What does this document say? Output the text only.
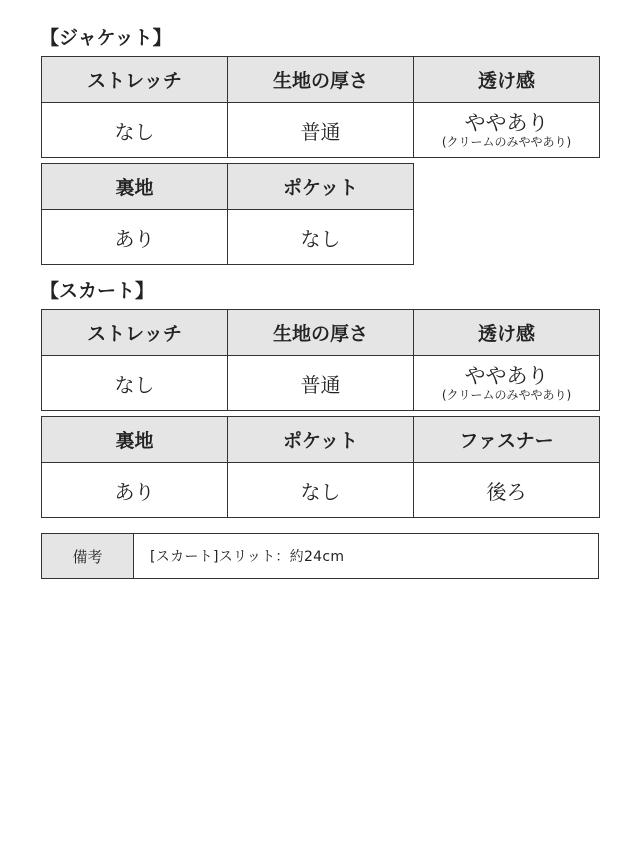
【ジャケット】
ストレッチ	生地の厚さ	透け感
なし	普通	ややあり
(クリームのみややあり)
裏地	ポケット
あり	なし
【スカート】
ストレッチ	生地の厚さ	透け感
なし	普通	ややあり
(クリームのみややあり)
裏地	ポケット	ファスナー
あり	なし	後ろ
備考	[スカート]スリット：約24cm
